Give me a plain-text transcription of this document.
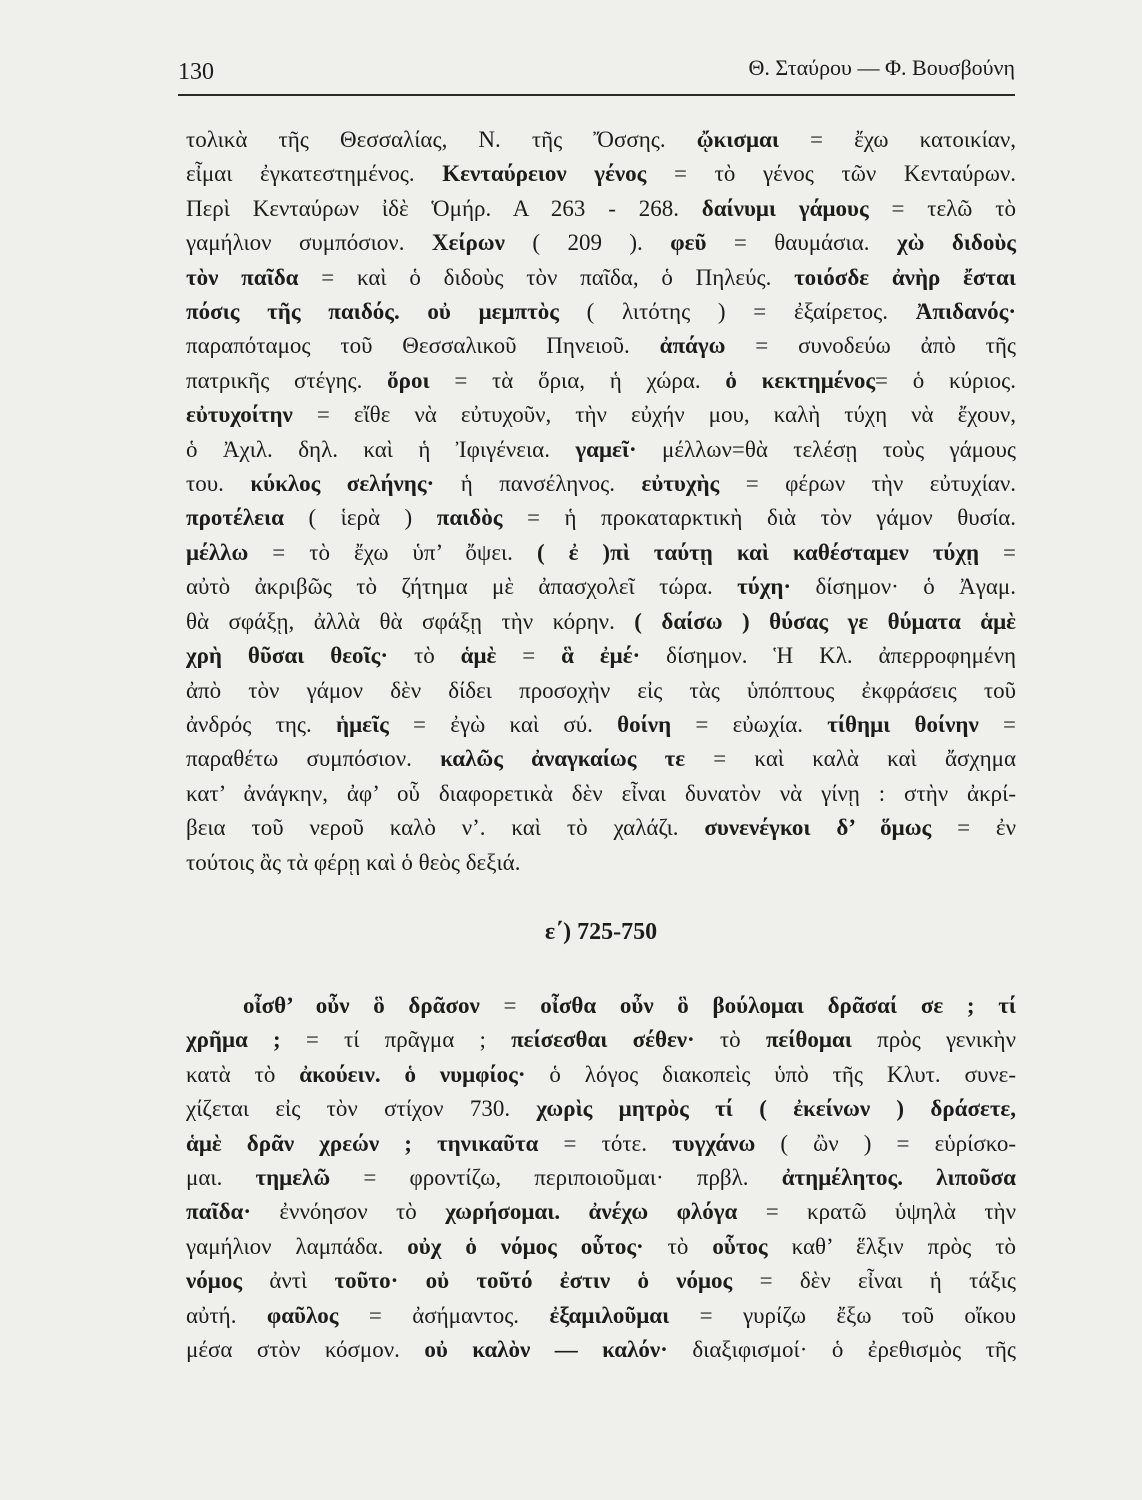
130	Θ. Σταύρου — Φ. Βουσβούνη
τολικὰ τῆς Θεσσαλίας, Ν. τῆς Ὄσσης. ᾤκισμαι = ἔχω κατοικίαν,
εἶμαι ἐγκατεστημένος. Κενταύρειον γένος = τὸ γένος τῶν Κενταύρων.
Περὶ Κενταύρων ἰδὲ Ὁμήρ. Α 263 - 268. δαίνυμι γάμους = τελῶ τὸ
γαμήλιον συμπόσιον. Χείρων ( 209 ). φεῦ = θαυμάσια. χὼ διδοὺς
τὸν παῖδα = καὶ ὁ διδοὺς τὸν παῖδα, ὁ Πηλεύς. τοιόσδε ἀνὴρ ἔσται
πόσις τῆς παιδός. οὐ μεμπτὸς ( λιτότης ) = ἐξαίρετος. Ἀπιδανός·
παραπόταμος τοῦ Θεσσαλικοῦ Πηνειοῦ. ἀπάγω = συνοδεύω ἀπὸ τῆς
πατρικῆς στέγης. ὅροι = τὰ ὅρια, ἡ χώρα. ὁ κεκτημένος= ὁ κύριος.
εὐτυχοίτην = εἴθε νὰ εὐτυχοῦν, τὴν εὐχήν μου, καλὴ τύχη νὰ ἔχουν,
ὁ Ἀχιλ. δηλ. καὶ ἡ Ἰφιγένεια. γαμεῖ· μέλλων=θὰ τελέσῃ τοὺς γάμους
του. κύκλος σελήνης· ἡ πανσέληνος. εὐτυχὴς = φέρων τὴν εὐτυχίαν.
προτέλεια ( ἱερὰ ) παιδὸς = ἡ προκαταρκτικὴ διὰ τὸν γάμον θυσία.
μέλλω = τὸ ἔχω ὑπ’ ὄψει. ( ἐ )πὶ ταύτῃ καὶ καθέσταμεν τύχῃ =
αὐτὸ ἀκριβῶς τὸ ζήτημα μὲ ἀπασχολεῖ τώρα. τύχη· δίσημον· ὁ Ἀγαμ.
θὰ σφάξῃ, ἀλλὰ θὰ σφάξῃ τὴν κόρην. ( δαίσω ) θύσας γε θύματα ἁμὲ
χρὴ θῦσαι θεοῖς· τὸ ἁμὲ = ἃ ἐμέ· δίσημον. Ἡ Κλ. ἀπερροφημένη
ἀπὸ τὸν γάμον δὲν δίδει προσοχὴν εἰς τὰς ὑπόπτους ἐκφράσεις τοῦ
ἀνδρός της. ἡμεῖς = ἐγὼ καὶ σύ. θοίνη = εὐωχία. τίθημι θοίνην =
παραθέτω συμπόσιον. καλῶς ἀναγκαίως τε = καὶ καλὰ καὶ ἄσχημα
κατ’ ἀνάγκην, ἀφ’ οὗ διαφορετικὰ δὲν εἶναι δυνατὸν νὰ γίνῃ : στὴν ἀκρί-
βεια τοῦ νεροῦ καλὸ ν’. καὶ τὸ χαλάζι. συνενέγκοι δ’ ὅμως = ἐν
τούτοις ἂς τὰ φέρῃ καὶ ὁ θεὸς δεξιά.
ε΄) 725-750
οἶσθ’ οὖν ὃ δρᾶσον = οἶσθα οὖν ὃ βούλομαι δρᾶσαί σε ; τί
χρῆμα ; = τί πρᾶγμα ; πείσεσθαι σέθεν· τὸ πείθομαι πρὸς γενικὴν
κατὰ τὸ ἀκούειν. ὁ νυμφίος· ὁ λόγος διακοπεὶς ὑπὸ τῆς Κλυτ. συνε-
χίζεται εἰς τὸν στίχον 730. χωρὶς μητρὸς τί ( ἐκείνων ) δράσετε,
ἁμὲ δρᾶν χρεών ; τηνικαῦτα = τότε. τυγχάνω ( ὢν ) = εὑρίσκο-
μαι. τημελῶ = φροντίζω, περιποιοῦμαι· πρβλ. ἀτημέλητος. λιποῦσα
παῖδα· ἐννόησον τὸ χωρήσομαι. ἀνέχω φλόγα = κρατῶ ὑψηλὰ τὴν
γαμήλιον λαμπάδα. οὐχ ὁ νόμος οὗτος· τὸ οὗτος καθ’ ἕλξιν πρὸς τὸ
νόμος ἀντὶ τοῦτο· οὐ τοῦτό ἐστιν ὁ νόμος = δὲν εἶναι ἡ τάξις
αὐτή. φαῦλος = ἀσήμαντος. ἐξαμιλοῦμαι = γυρίζω ἔξω τοῦ οἴκου
μέσα στὸν κόσμον. οὐ καλὸν — καλόν· διαξιφισμοί· ὁ ἐρεθισμὸς τῆς
